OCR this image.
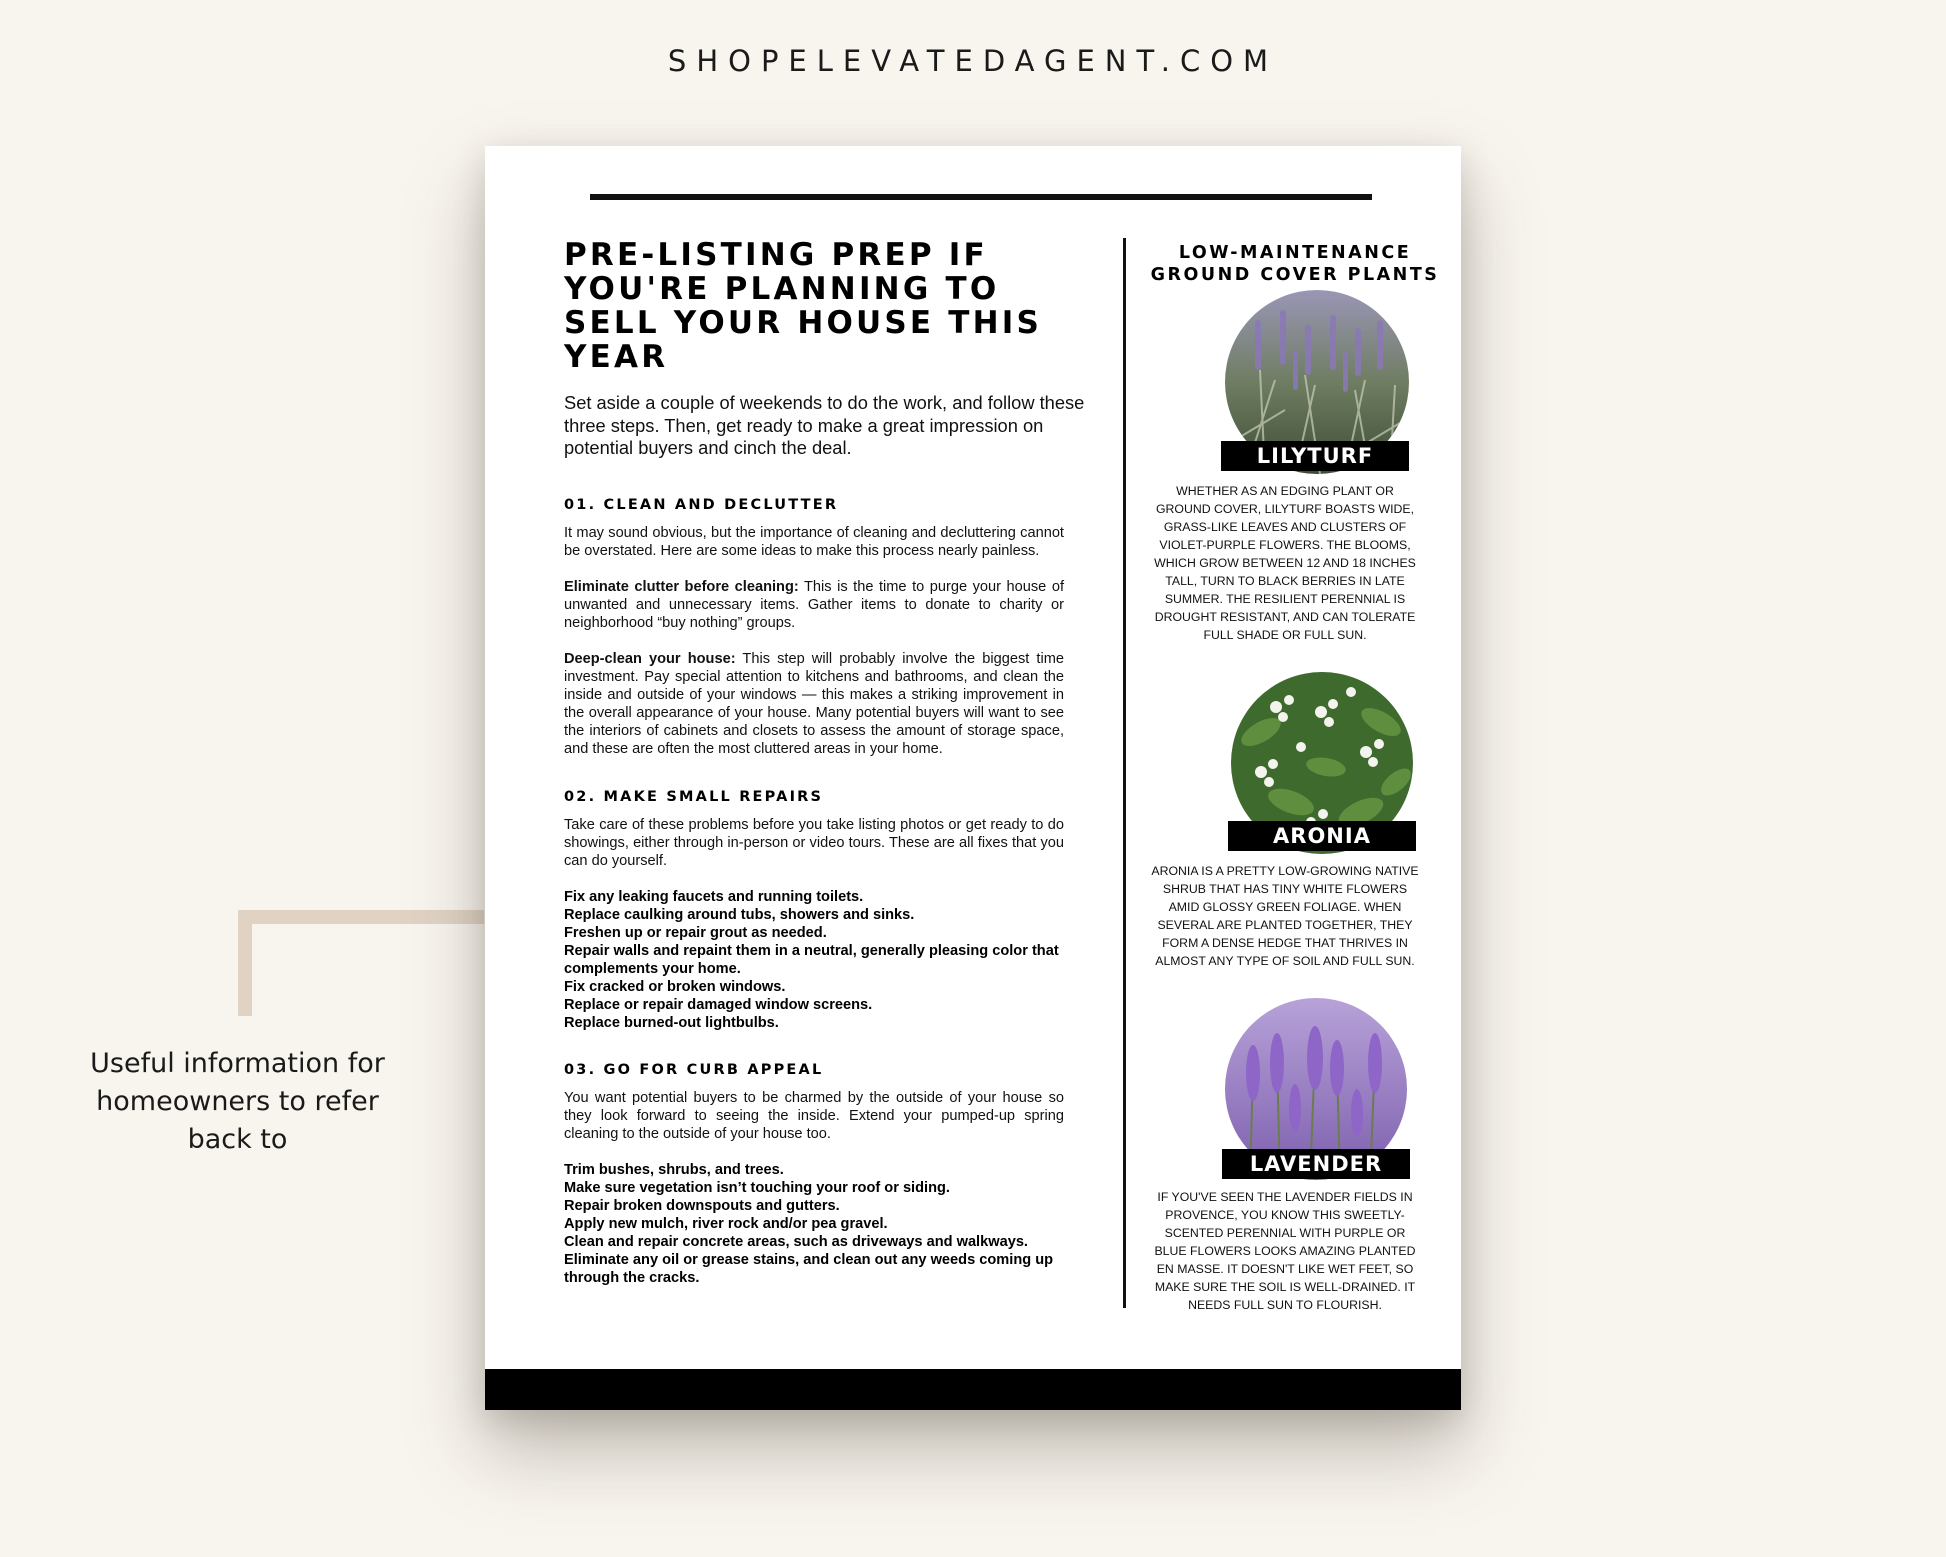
SHOPELEVATEDAGENT.COM
Useful information for homeowners to refer back to
PRE-LISTING PREP IF YOU'RE PLANNING TO SELL YOUR HOUSE THIS YEAR
Set aside a couple of weekends to do the work, and follow these three steps. Then, get ready to make a great impression on potential buyers and cinch the deal.
01. CLEAN AND DECLUTTER

It may sound obvious, but the importance of cleaning and decluttering cannot be overstated. Here are some ideas to make this process nearly painless.

Eliminate clutter before cleaning: This is the time to purge your house of unwanted and unnecessary items. Gather items to donate to charity or neighborhood “buy nothing” groups.

Deep-clean your house: This step will probably involve the biggest time investment. Pay special attention to kitchens and bathrooms, and clean the inside and outside of your windows — this makes a striking improvement in the overall appearance of your house. Many potential buyers will want to see the interiors of cabinets and closets to assess the amount of storage space, and these are often the most cluttered areas in your home.

02. MAKE SMALL REPAIRS

Take care of these problems before you take listing photos or get ready to do showings, either through in-person or video tours. These are all fixes that you can do yourself.

Fix any leaking faucets and running toilets.
Replace caulking around tubs, showers and sinks.
Freshen up or repair grout as needed.
Repair walls and repaint them in a neutral, generally pleasing color that complements your home.
Fix cracked or broken windows.
Replace or repair damaged window screens.
Replace burned-out lightbulbs.
03. GO FOR CURB APPEAL

You want potential buyers to be charmed by the outside of your house so they look forward to seeing the inside. Extend your pumped-up spring cleaning to the outside of your house too.

Trim bushes, shrubs, and trees.
Make sure vegetation isn’t touching your roof or siding.
Repair broken downspouts and gutters.
Apply new mulch, river rock and/or pea gravel.
Clean and repair concrete areas, such as driveways and walkways.
Eliminate any oil or grease stains, and clean out any weeds coming up through the cracks.
LOW-MAINTENANCE
GROUND COVER PLANTS
LILYTURF
WHETHER AS AN EDGING PLANT OR GROUND COVER, LILYTURF BOASTS WIDE, GRASS-LIKE LEAVES AND CLUSTERS OF VIOLET-PURPLE FLOWERS. THE BLOOMS, WHICH GROW BETWEEN 12 AND 18 INCHES TALL, TURN TO BLACK BERRIES IN LATE SUMMER. THE RESILIENT PERENNIAL IS DROUGHT RESISTANT, AND CAN TOLERATE FULL SHADE OR FULL SUN.
ARONIA
ARONIA IS A PRETTY LOW-GROWING NATIVE SHRUB THAT HAS TINY WHITE FLOWERS AMID GLOSSY GREEN FOLIAGE. WHEN SEVERAL ARE PLANTED TOGETHER, THEY FORM A DENSE HEDGE THAT THRIVES IN ALMOST ANY TYPE OF SOIL AND FULL SUN.
LAVENDER
IF YOU'VE SEEN THE LAVENDER FIELDS IN PROVENCE, YOU KNOW THIS SWEETLY-SCENTED PERENNIAL WITH PURPLE OR BLUE FLOWERS LOOKS AMAZING PLANTED EN MASSE. IT DOESN'T LIKE WET FEET, SO MAKE SURE THE SOIL IS WELL-DRAINED. IT NEEDS FULL SUN TO FLOURISH.
